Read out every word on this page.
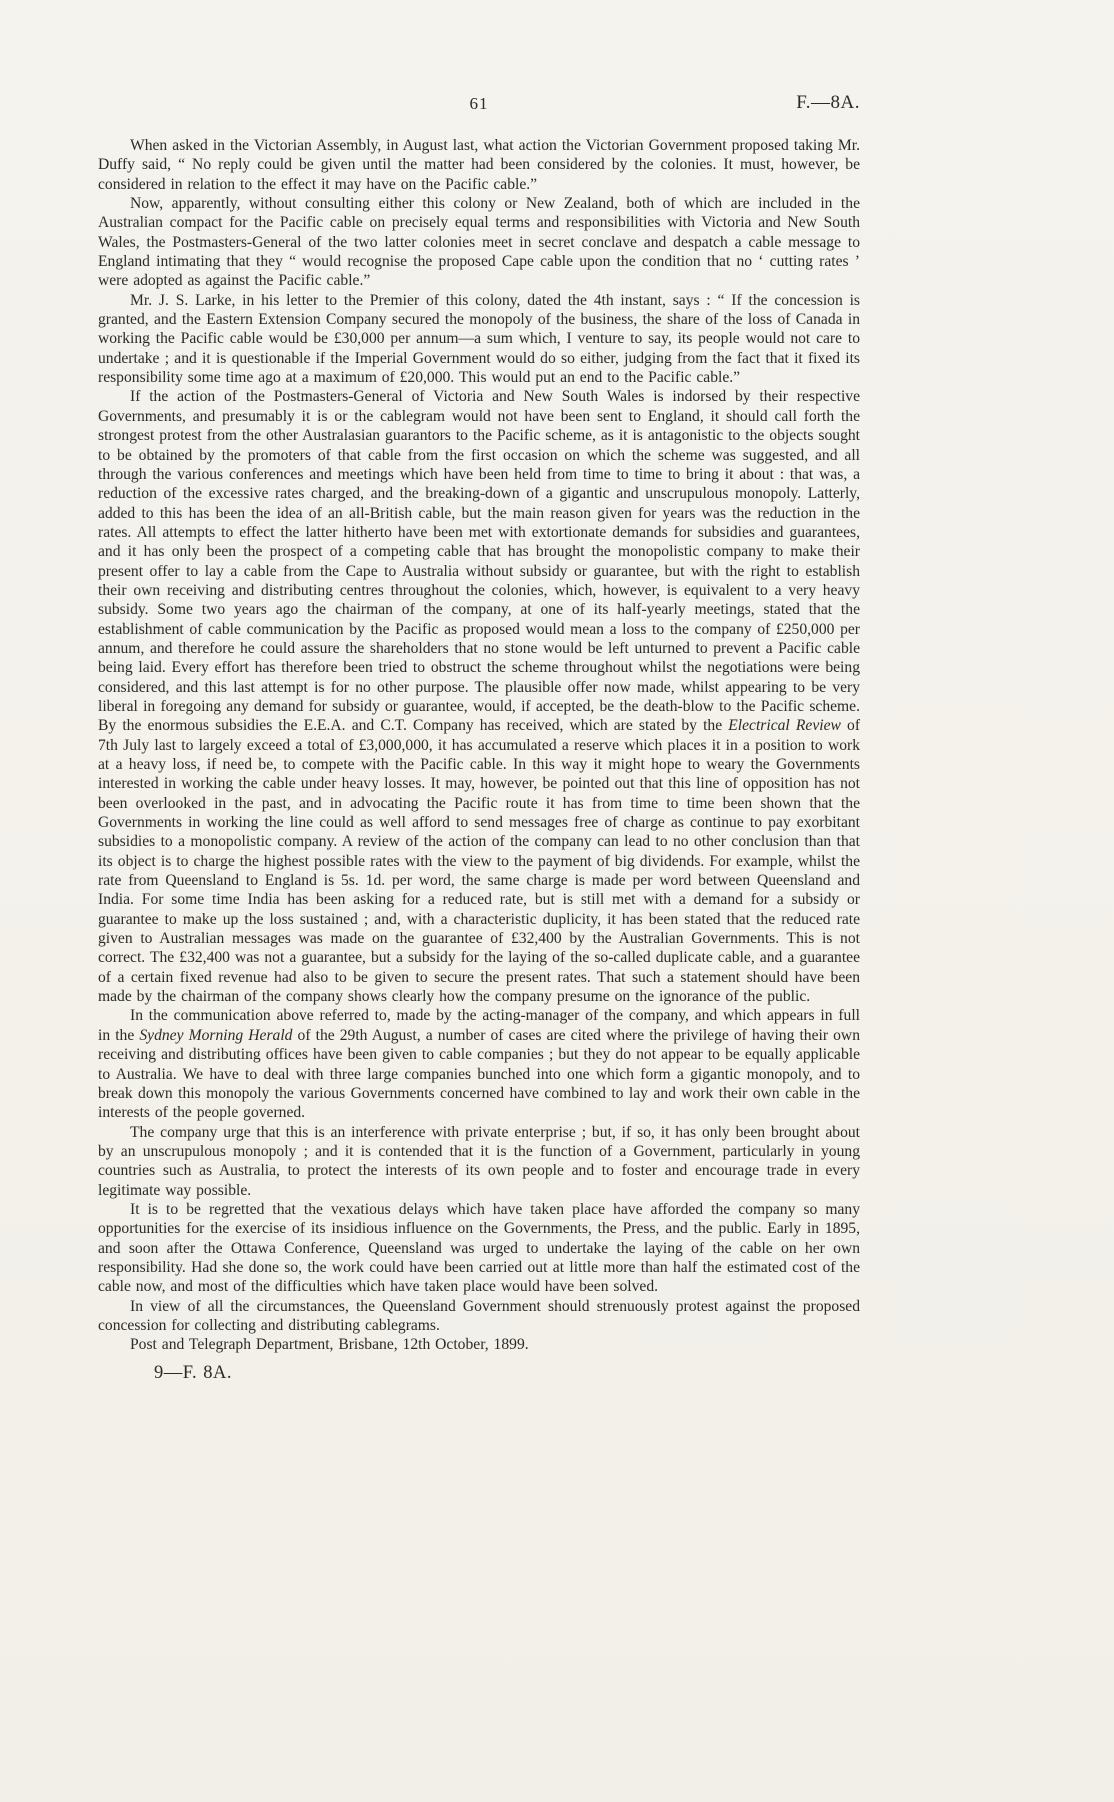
61	F.—8A.

When asked in the Victorian Assembly, in August last, what action the Victorian Government proposed taking Mr. Duffy said, “ No reply could be given until the matter had been considered by the colonies. It must, however, be considered in relation to the effect it may have on the Pacific cable.”

Now, apparently, without consulting either this colony or New Zealand, both of which are included in the Australian compact for the Pacific cable on precisely equal terms and responsibilities with Victoria and New South Wales, the Postmasters-General of the two latter colonies meet in secret conclave and despatch a cable message to England intimating that they “ would recognise the proposed Cape cable upon the condition that no ‘ cutting rates ’ were adopted as against the Pacific cable.”

Mr. J. S. Larke, in his letter to the Premier of this colony, dated the 4th instant, says : “ If the concession is granted, and the Eastern Extension Company secured the monopoly of the business, the share of the loss of Canada in working the Pacific cable would be £30,000 per annum—a sum which, I venture to say, its people would not care to undertake ; and it is questionable if the Imperial Government would do so either, judging from the fact that it fixed its responsibility some time ago at a maximum of £20,000. This would put an end to the Pacific cable.”

If the action of the Postmasters-General of Victoria and New South Wales is indorsed by their respective Governments, and presumably it is or the cablegram would not have been sent to England, it should call forth the strongest protest from the other Australasian guarantors to the Pacific scheme, as it is antagonistic to the objects sought to be obtained by the promoters of that cable from the first occasion on which the scheme was suggested, and all through the various conferences and meetings which have been held from time to time to bring it about : that was, a reduction of the excessive rates charged, and the breaking-down of a gigantic and unscrupulous monopoly. Latterly, added to this has been the idea of an all-British cable, but the main reason given for years was the reduction in the rates. All attempts to effect the latter hitherto have been met with extortionate demands for subsidies and guarantees, and it has only been the prospect of a competing cable that has brought the monopolistic company to make their present offer to lay a cable from the Cape to Australia without subsidy or guarantee, but with the right to establish their own receiving and distributing centres throughout the colonies, which, however, is equivalent to a very heavy subsidy. Some two years ago the chairman of the company, at one of its half-yearly meetings, stated that the establishment of cable communication by the Pacific as proposed would mean a loss to the company of £250,000 per annum, and therefore he could assure the shareholders that no stone would be left unturned to prevent a Pacific cable being laid. Every effort has therefore been tried to obstruct the scheme throughout whilst the negotiations were being considered, and this last attempt is for no other purpose. The plausible offer now made, whilst appearing to be very liberal in foregoing any demand for subsidy or guarantee, would, if accepted, be the death-blow to the Pacific scheme. By the enormous subsidies the E.E.A. and C.T. Company has received, which are stated by the Electrical Review of 7th July last to largely exceed a total of £3,000,000, it has accumulated a reserve which places it in a position to work at a heavy loss, if need be, to compete with the Pacific cable. In this way it might hope to weary the Governments interested in working the cable under heavy losses. It may, however, be pointed out that this line of opposition has not been overlooked in the past, and in advocating the Pacific route it has from time to time been shown that the Governments in working the line could as well afford to send messages free of charge as continue to pay exorbitant subsidies to a monopolistic company. A review of the action of the company can lead to no other conclusion than that its object is to charge the highest possible rates with the view to the payment of big dividends. For example, whilst the rate from Queensland to England is 5s. 1d. per word, the same charge is made per word between Queensland and India. For some time India has been asking for a reduced rate, but is still met with a demand for a subsidy or guarantee to make up the loss sustained ; and, with a characteristic duplicity, it has been stated that the reduced rate given to Australian messages was made on the guarantee of £32,400 by the Australian Governments. This is not correct. The £32,400 was not a guarantee, but a subsidy for the laying of the so-called duplicate cable, and a guarantee of a certain fixed revenue had also to be given to secure the present rates. That such a statement should have been made by the chairman of the company shows clearly how the company presume on the ignorance of the public.

In the communication above referred to, made by the acting-manager of the company, and which appears in full in the Sydney Morning Herald of the 29th August, a number of cases are cited where the privilege of having their own receiving and distributing offices have been given to cable companies ; but they do not appear to be equally applicable to Australia. We have to deal with three large companies bunched into one which form a gigantic monopoly, and to break down this monopoly the various Governments concerned have combined to lay and work their own cable in the interests of the people governed.

The company urge that this is an interference with private enterprise ; but, if so, it has only been brought about by an unscrupulous monopoly ; and it is contended that it is the function of a Government, particularly in young countries such as Australia, to protect the interests of its own people and to foster and encourage trade in every legitimate way possible.

It is to be regretted that the vexatious delays which have taken place have afforded the company so many opportunities for the exercise of its insidious influence on the Governments, the Press, and the public. Early in 1895, and soon after the Ottawa Conference, Queensland was urged to undertake the laying of the cable on her own responsibility. Had she done so, the work could have been carried out at little more than half the estimated cost of the cable now, and most of the difficulties which have taken place would have been solved.

In view of all the circumstances, the Queensland Government should strenuously protest against the proposed concession for collecting and distributing cablegrams.

Post and Telegraph Department, Brisbane, 12th October, 1899.

9—F. 8A.
